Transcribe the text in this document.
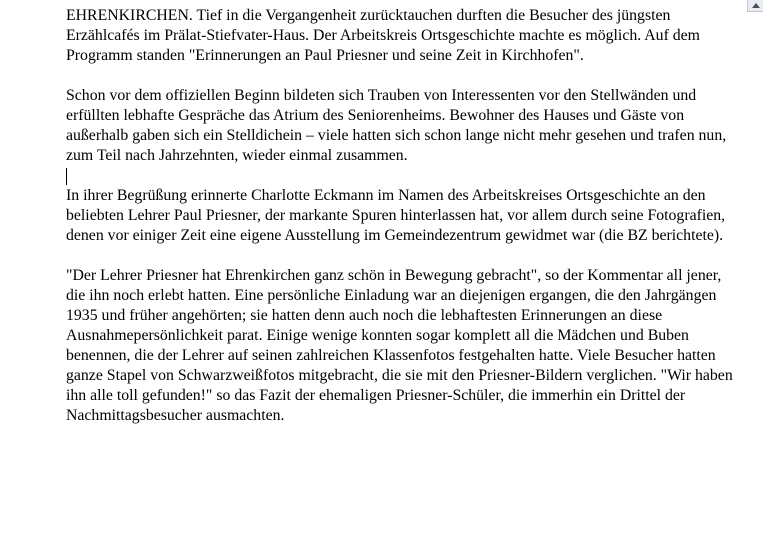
EHRENKIRCHEN. Tief in die Vergangenheit zurücktauchen durften die Besucher des jüngsten Erzählcafés im Prälat-Stiefvater-Haus. Der Arbeitskreis Ortsgeschichte machte es möglich. Auf dem Programm standen "Erinnerungen an Paul Priesner und seine Zeit in Kirchhofen".

Schon vor dem offiziellen Beginn bildeten sich Trauben von Interessenten vor den Stellwänden und erfüllten lebhafte Gespräche das Atrium des Seniorenheims. Bewohner des Hauses und Gäste von außerhalb gaben sich ein Stelldichein – viele hatten sich schon lange nicht mehr gesehen und trafen nun, zum Teil nach Jahrzehnten, wieder einmal zusammen.

In ihrer Begrüßung erinnerte Charlotte Eckmann im Namen des Arbeitskreises Ortsgeschichte an den beliebten Lehrer Paul Priesner, der markante Spuren hinterlassen hat, vor allem durch seine Fotografien, denen vor einiger Zeit eine eigene Ausstellung im Gemeindezentrum gewidmet war (die BZ berichtete).

"Der Lehrer Priesner hat Ehrenkirchen ganz schön in Bewegung gebracht", so der Kommentar all jener, die ihn noch erlebt hatten. Eine persönliche Einladung war an diejenigen ergangen, die den Jahrgängen 1935 und früher angehörten; sie hatten denn auch noch die lebhaftesten Erinnerungen an diese Ausnahmepersönlichkeit parat. Einige wenige konnten sogar komplett all die Mädchen und Buben benennen, die der Lehrer auf seinen zahlreichen Klassenfotos festgehalten hatte. Viele Besucher hatten ganze Stapel von Schwarzweißfotos mitgebracht, die sie mit den Priesner-Bildern verglichen. "Wir haben ihn alle toll gefunden!" so das Fazit der ehemaligen Priesner-Schüler, die immerhin ein Drittel der Nachmittagsbesucher ausmachten.
